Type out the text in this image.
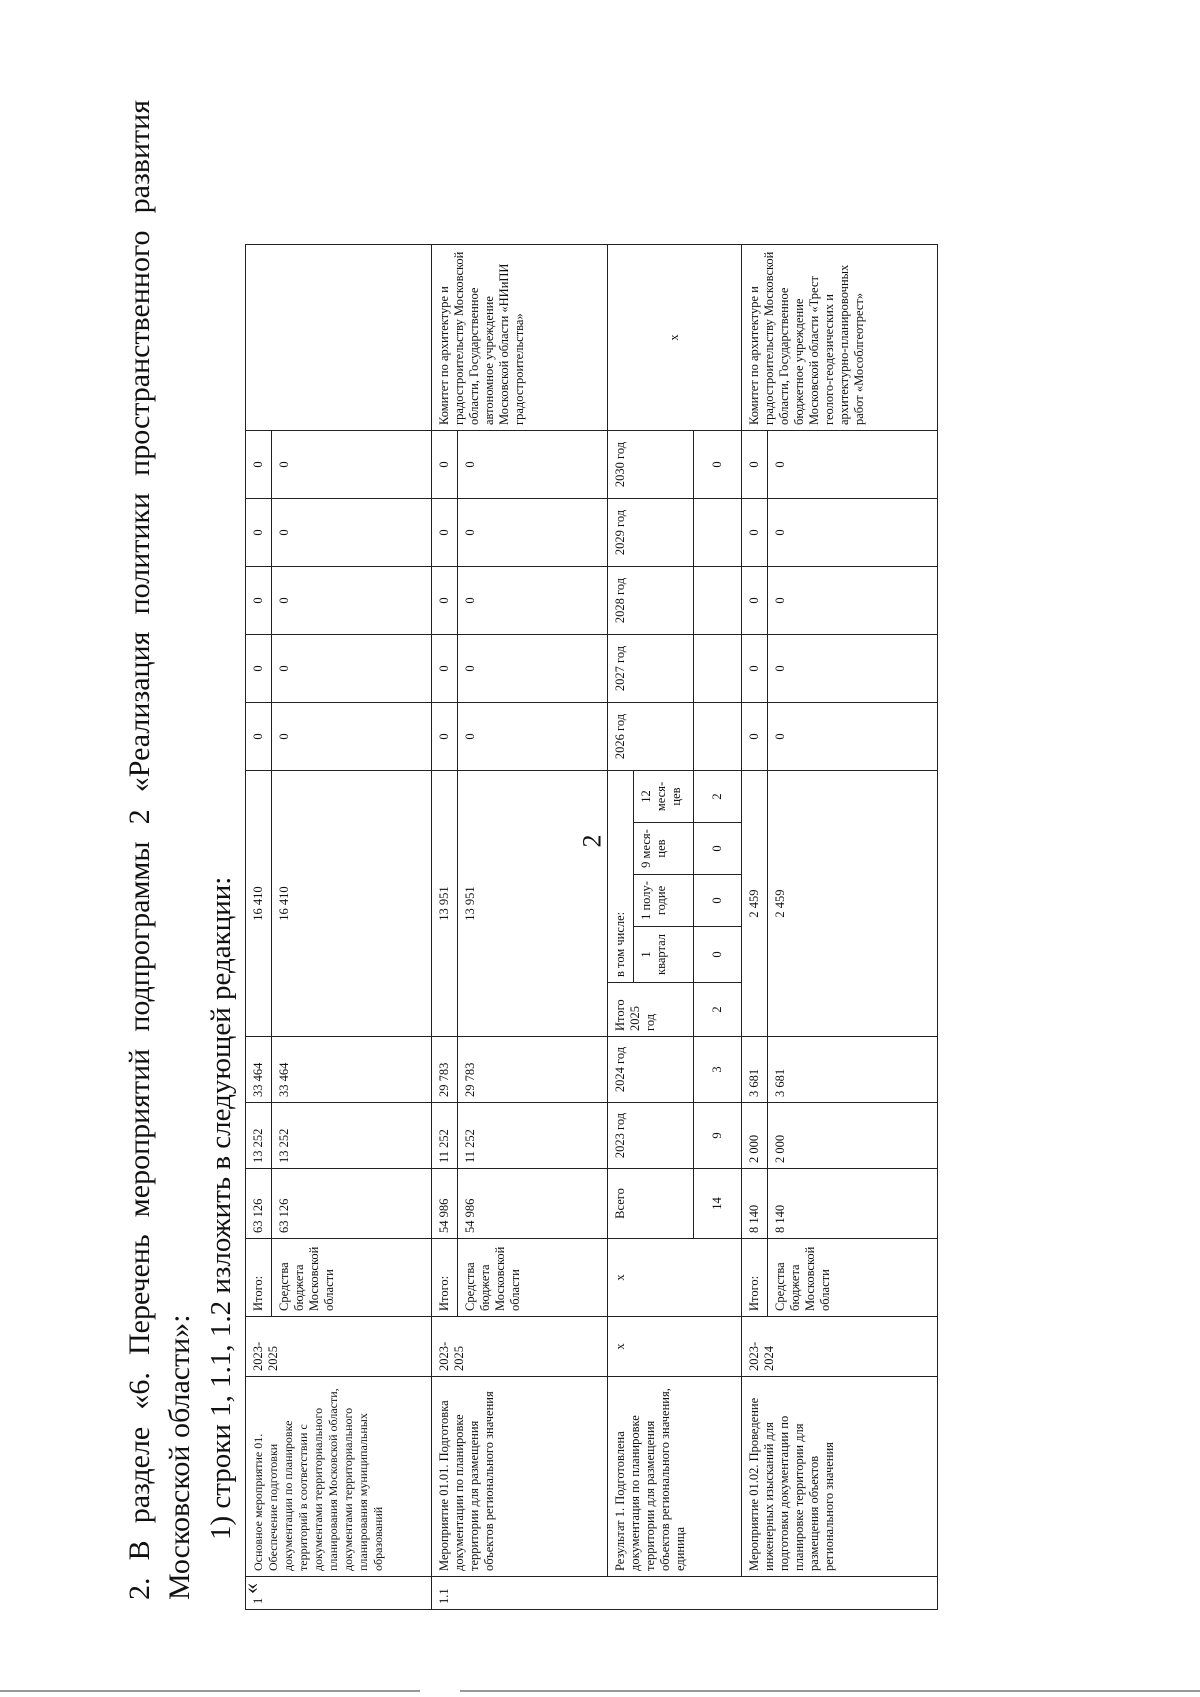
2
2. В разделе «6. Перечень мероприятий подпрограммы 2 «Реализация политики пространственного развития Московской области»: 1) строки 1, 1.1, 1.2 изложить в следующей редакции:
«
1	Основное мероприятие 01. Обеспечение подготовки документации по планировке территорий в соответствии с документами территориального планирования Московской области, документами территориального планирования муниципальных образований	2023-2025	Итого:	63 126	13 252	33 464	16 410					0	0	0	0	0	
			Средства бюджета Московской области	63 126	13 252	33 464	16 410					0	0	0	0	0	
1.1	Мероприятие 01.01. Подготовка документации по планировке территории для размещения объектов регионального значения	2023-2025	Итого:	54 986	11 252	29 783	13 951					0	0	0	0	0	Комитет по архитектуре и градостроительству Московской области, Государственное автономное учреждение Московской области «НИиПИ градостроительства»
			Средства бюджета Московской области	54 986	11 252	29 783	13 951					0	0	0	0	0	
	Результат 1. Подготовлена документация по планировке территории для размещения объектов регионального значения, единица	x	x	Всего	2023 год	2024 год	Итого 2025 год	в том числе:				2026 год	2027 год	2028 год	2029 год	2030 год	x
								1 квартал	1 полу-годие	9 меся-цев	12 меся-цев						
				14	9	3	2	0	0	0	2					0	
	Мероприятие 01.02. Проведение инженерных изысканий для подготовки документации по планировке территории для размещения объектов регионального значения	2023-2024	Итого:	8 140	2 000	3 681	2 459					0	0	0	0	0	Комитет по архитектуре и градостроительству Московской области, Государственное бюджетное учреждение Московской области «Трест геолого-геодезических и архитектурно-планировочных работ «Мособлгеотрест»
			Средства бюджета Московской области	8 140	2 000	3 681	2 459					0	0	0	0	0	
